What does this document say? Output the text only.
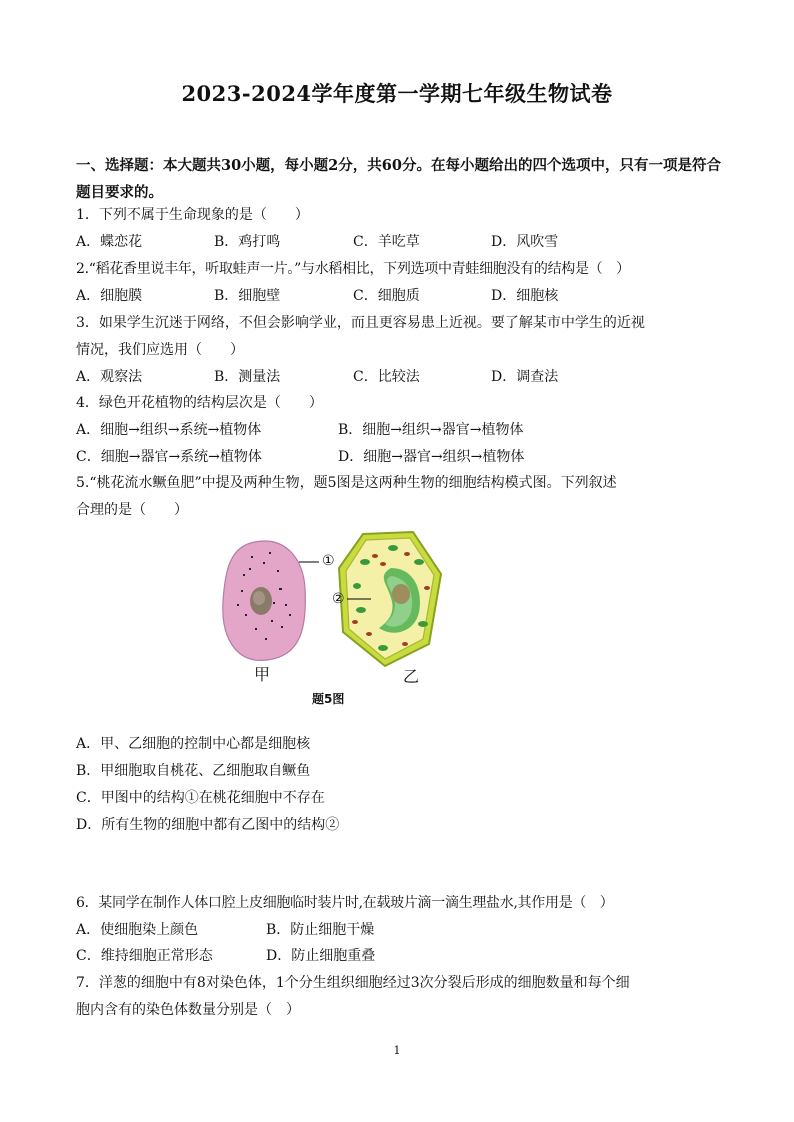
2023-2024学年度第一学期七年级生物试卷
一、选择题：本大题共30小题，每小题2分，共60分。在每小题给出的四个选项中，只有一项是符合题目要求的。
1．下列不属于生命现象的是（　　）
A．蝶恋花	B．鸡打鸣	C．羊吃草	D．风吹雪
2.“稻花香里说丰年，听取蛙声一片。”与水稻相比，下列选项中青蛙细胞没有的结构是（　）
A．细胞膜	B．细胞壁	C．细胞质	D．细胞核
3．如果学生沉迷于网络，不但会影响学业，而且更容易患上近视。要了解某市中学生的近视
情况，我们应选用（　　）
A．观察法	B．测量法	C．比较法	D．调查法
4．绿色开花植物的结构层次是（　　）
A．细胞→组织→系统→植物体	B．细胞→组织→器官→植物体
C．细胞→器官→系统→植物体	D．细胞→器官→组织→植物体
5.“桃花流水鳜鱼肥”中提及两种生物，题5图是这两种生物的细胞结构模式图。下列叙述
合理的是（　　）
①
②
甲	乙
题5图
A．甲、乙细胞的控制中心都是细胞核
B．甲细胞取自桃花、乙细胞取自鳜鱼
C．甲图中的结构①在桃花细胞中不存在
D．所有生物的细胞中都有乙图中的结构②
6．某同学在制作人体口腔上皮细胞临时装片时,在载玻片滴一滴生理盐水,其作用是（　）
A．使细胞染上颜色	B．防止细胞干燥
C．维持细胞正常形态	D．防止细胞重叠
7．洋葱的细胞中有8对染色体，1个分生组织细胞经过3次分裂后形成的细胞数量和每个细
胞内含有的染色体数量分别是（　）
1
